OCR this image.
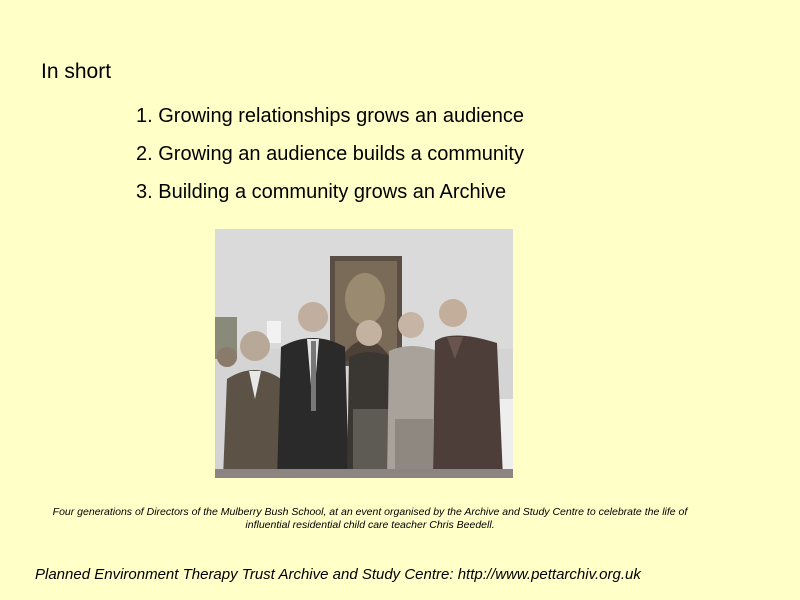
In short
1. Growing relationships grows an audience
2. Growing an audience builds a community
3. Building a community grows an Archive
Four generations of Directors of the Mulberry Bush School, at an event organised by the Archive and Study Centre to celebrate the life of influential residential child care teacher Chris Beedell.
Planned Environment Therapy Trust Archive and Study Centre: http://www.pettarchiv.org.uk
